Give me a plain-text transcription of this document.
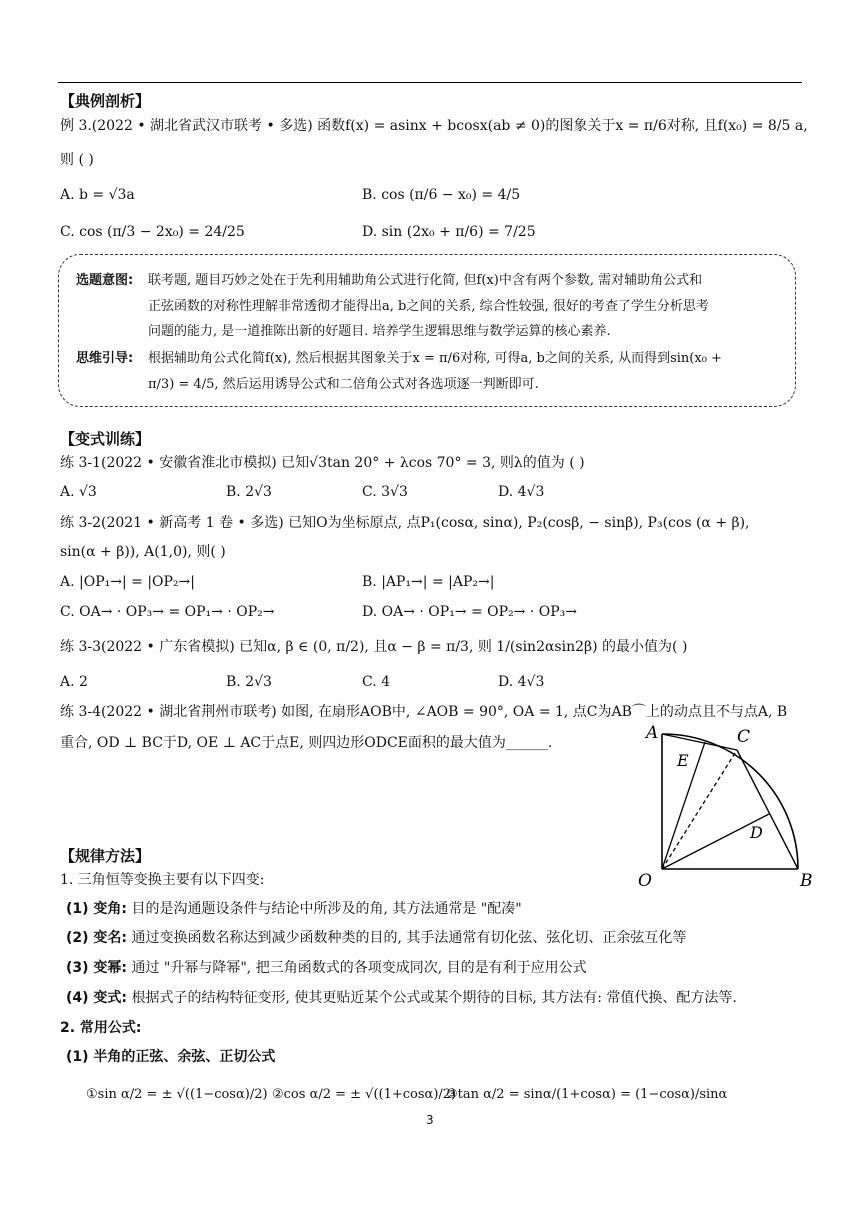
【典例剖析】
例 3.(2022 • 湖北省武汉市联考 • 多选) 函数f(x) = asinx + bcosx(ab ≠ 0)的图象关于x = π/6对称, 且f(x₀) = 8/5 a,
则 ( )
A. b = √3a	B. cos (π/6 − x₀) = 4/5
C. cos (π/3 − 2x₀) = 24/25	D. sin (2x₀ + π/6) = 7/25
选题意图: 联考题, 题目巧妙之处在于先利用辅助角公式进行化简, 但f(x)中含有两个参数, 需对辅助角公式和
正弦函数的对称性理解非常透彻才能得出a, b之间的关系, 综合性较强, 很好的考查了学生分析思考
问题的能力, 是一道推陈出新的好题目. 培养学生逻辑思维与数学运算的核心素养.
思维引导: 根据辅助角公式化简f(x), 然后根据其图象关于x = π/6对称, 可得a, b之间的关系, 从而得到sin(x₀ +
π/3) = 4/5, 然后运用诱导公式和二倍角公式对各选项逐一判断即可.
【变式训练】
练 3-1(2022 • 安徽省淮北市模拟) 已知√3tan 20° + λcos 70° = 3, 则λ的值为 ( )
A. √3	B. 2√3	C. 3√3	D. 4√3
练 3-2(2021 • 新高考 1 卷 • 多选) 已知O为坐标原点, 点P₁(cosα, sinα), P₂(cosβ, − sinβ), P₃(cos (α + β),
sin(α + β)), A(1,0), 则( )
A. |OP₁→| = |OP₂→|	B. |AP₁→| = |AP₂→|
C. OA→ · OP₃→ = OP₁→ · OP₂→	D. OA→ · OP₁→ = OP₂→ · OP₃→
练 3-3(2022 • 广东省模拟) 已知α, β ∈ (0, π/2), 且α − β = π/3, 则 1/(sin2αsin2β) 的最小值为( )
A. 2	B. 2√3	C. 4	D. 4√3
练 3-4(2022 • 湖北省荆州市联考) 如图, 在扇形AOB中, ∠AOB = 90°, OA = 1, 点C为AB⌒上的动点且不与点A, B
重合, OD ⊥ BC于D, OE ⊥ AC于点E, 则四边形ODCE面积的最大值为______.	A	C
E
D
O	B
【规律方法】
1. 三角恒等变换主要有以下四变:
(1) 变角: 目的是沟通题设条件与结论中所涉及的角, 其方法通常是 "配凑"
(2) 变名: 通过变换函数名称达到减少函数种类的目的, 其手法通常有切化弦、弦化切、正余弦互化等
(3) 变幂: 通过 "升幂与降幂", 把三角函数式的各项变成同次, 目的是有利于应用公式
(4) 变式: 根据式子的结构特征变形, 使其更贴近某个公式或某个期待的目标, 其方法有: 常值代换、配方法等.
2. 常用公式:
(1) 半角的正弦、余弦、正切公式
①sin α/2 = ± √((1−cosα)/2) ②cos α/2 = ± √((1+cosα)/2)
③tan α/2 = sinα/(1+cosα) = (1−cosα)/sinα
3
